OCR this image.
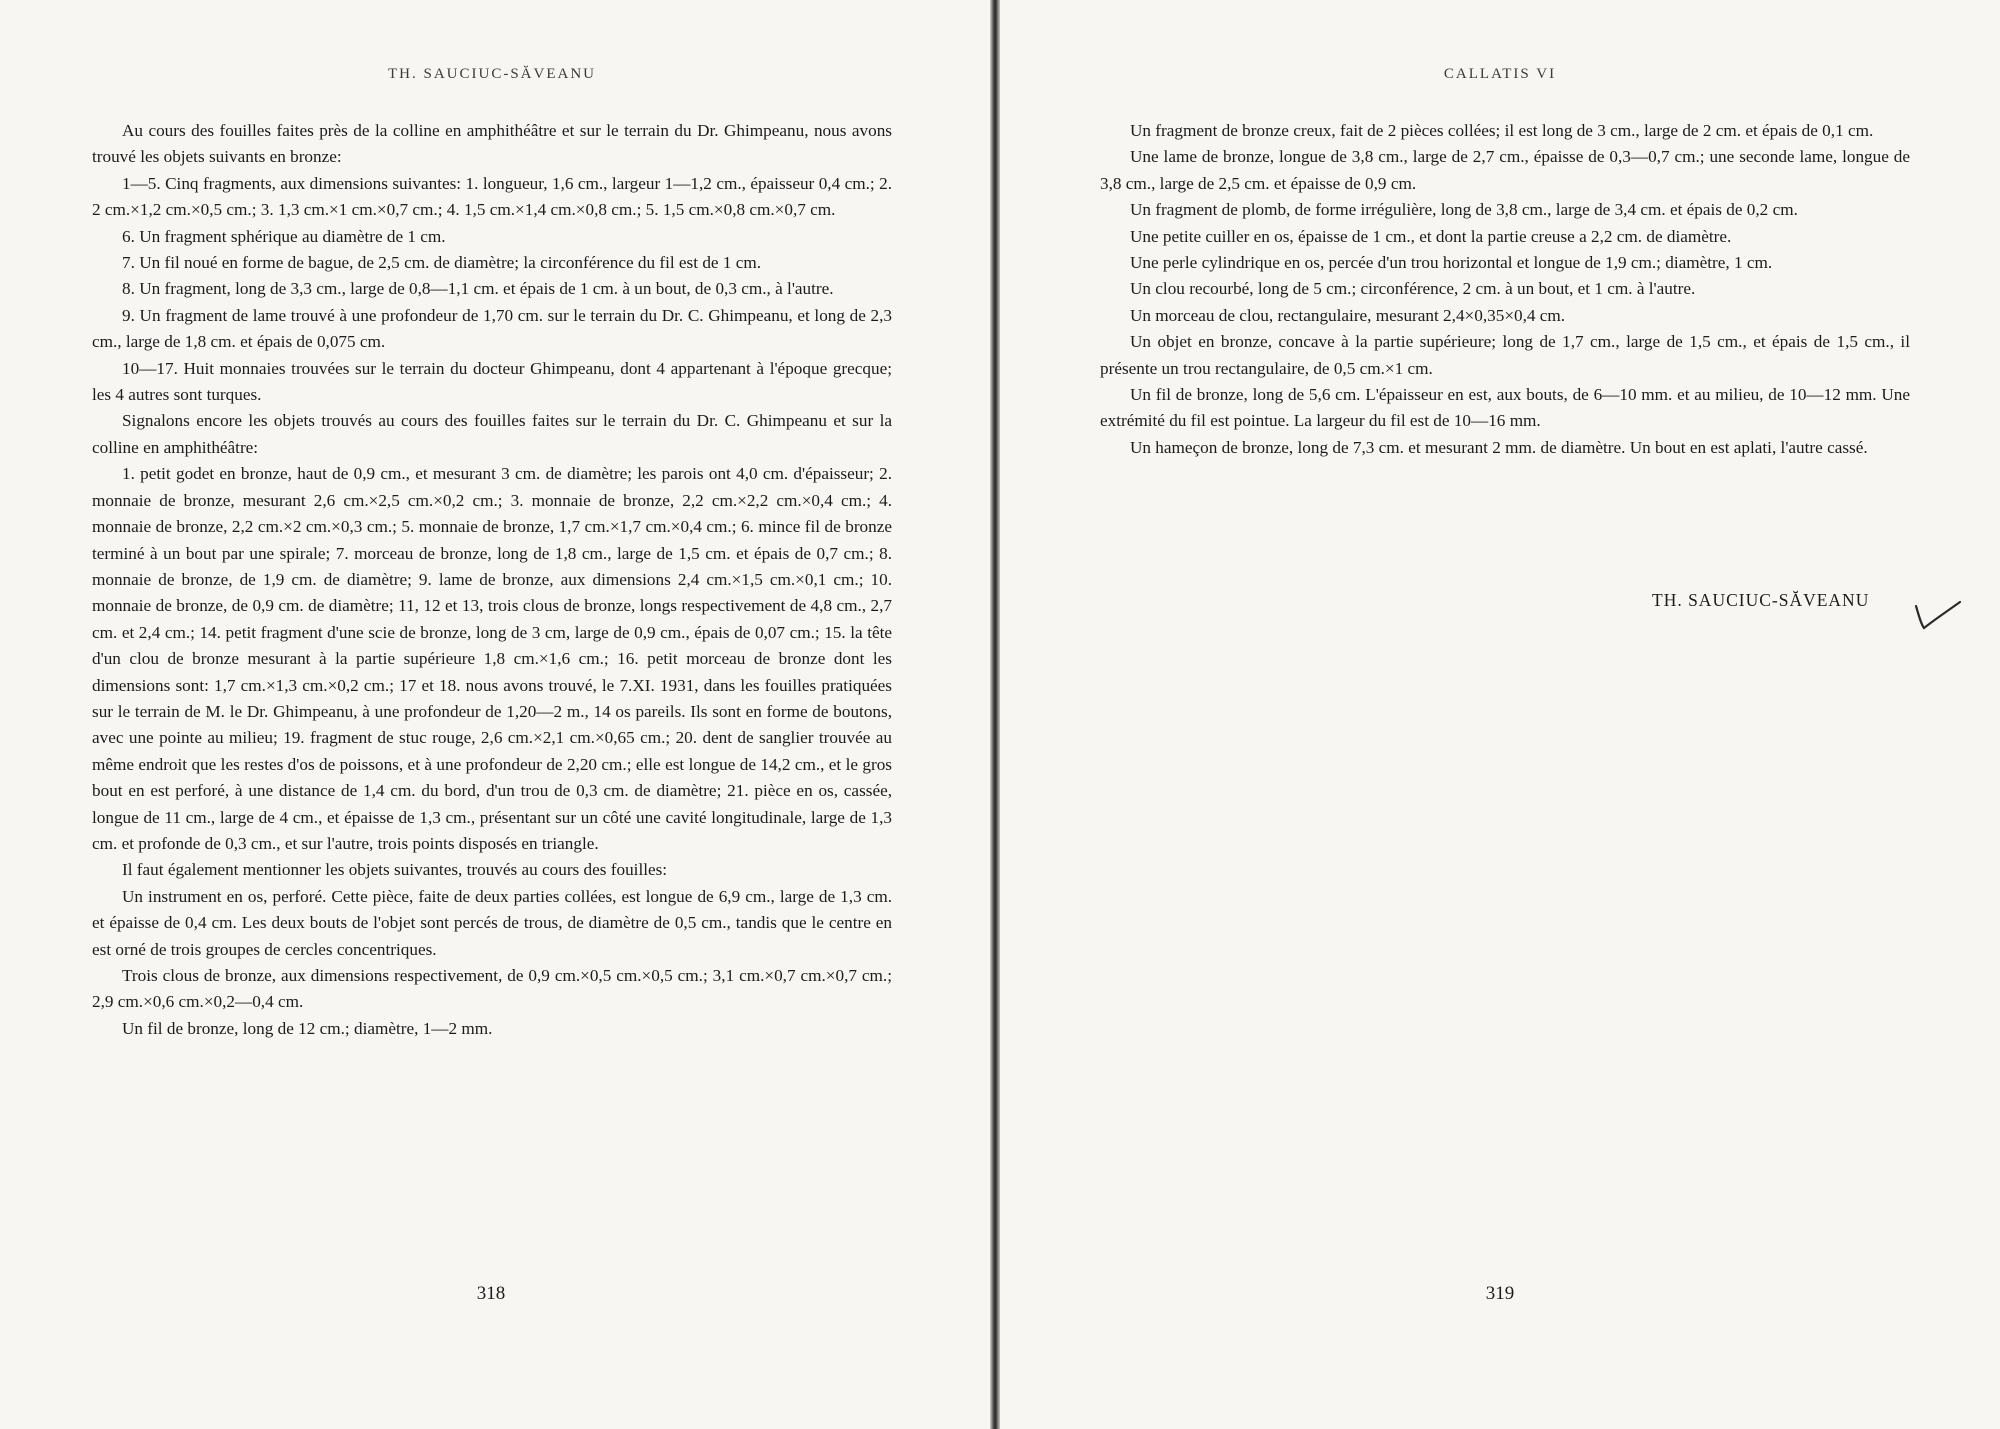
TH. SAUCIUC-SĂVEANU

Au cours des fouilles faites près de la colline en amphithéâtre et sur le terrain du Dr. Ghimpeanu, nous avons trouvé les objets suivants en bronze:

1—5. Cinq fragments, aux dimensions suivantes: 1. longueur, 1,6 cm., largeur 1—1,2 cm., épaisseur 0,4 cm.; 2. 2 cm.×1,2 cm.×0,5 cm.; 3. 1,3 cm.×1 cm.×0,7 cm.; 4. 1,5 cm.×1,4 cm.×0,8 cm.; 5. 1,5 cm.×0,8 cm.×0,7 cm.

6. Un fragment sphérique au diamètre de 1 cm.

7. Un fil noué en forme de bague, de 2,5 cm. de diamètre; la circonférence du fil est de 1 cm.

8. Un fragment, long de 3,3 cm., large de 0,8—1,1 cm. et épais de 1 cm. à un bout, de 0,3 cm., à l'autre.

9. Un fragment de lame trouvé à une profondeur de 1,70 cm. sur le terrain du Dr. C. Ghimpeanu, et long de 2,3 cm., large de 1,8 cm. et épais de 0,075 cm.

10—17. Huit monnaies trouvées sur le terrain du docteur Ghimpeanu, dont 4 appartenant à l'époque grecque; les 4 autres sont turques.

Signalons encore les objets trouvés au cours des fouilles faites sur le terrain du Dr. C. Ghimpeanu et sur la colline en amphithéâtre:

1. petit godet en bronze, haut de 0,9 cm., et mesurant 3 cm. de diamètre; les parois ont 4,0 cm. d'épaisseur; 2. monnaie de bronze, mesurant 2,6 cm.×2,5 cm.×0,2 cm.; 3. monnaie de bronze, 2,2 cm.×2,2 cm.×0,4 cm.; 4. monnaie de bronze, 2,2 cm.×2 cm.×0,3 cm.; 5. monnaie de bronze, 1,7 cm.×1,7 cm.×0,4 cm.; 6. mince fil de bronze terminé à un bout par une spirale; 7. morceau de bronze, long de 1,8 cm., large de 1,5 cm. et épais de 0,7 cm.; 8. monnaie de bronze, de 1,9 cm. de diamètre; 9. lame de bronze, aux dimensions 2,4 cm.×1,5 cm.×0,1 cm.; 10. monnaie de bronze, de 0,9 cm. de diamètre; 11, 12 et 13, trois clous de bronze, longs respectivement de 4,8 cm., 2,7 cm. et 2,4 cm.; 14. petit fragment d'une scie de bronze, long de 3 cm, large de 0,9 cm., épais de 0,07 cm.; 15. la tête d'un clou de bronze mesurant à la partie supérieure 1,8 cm.×1,6 cm.; 16. petit morceau de bronze dont les dimensions sont: 1,7 cm.×1,3 cm.×0,2 cm.; 17 et 18. nous avons trouvé, le 7.XI. 1931, dans les fouilles pratiquées sur le terrain de M. le Dr. Ghimpeanu, à une profondeur de 1,20—2 m., 14 os pareils. Ils sont en forme de boutons, avec une pointe au milieu; 19. fragment de stuc rouge, 2,6 cm.×2,1 cm.×0,65 cm.; 20. dent de sanglier trouvée au même endroit que les restes d'os de poissons, et à une profondeur de 2,20 cm.; elle est longue de 14,2 cm., et le gros bout en est perforé, à une distance de 1,4 cm. du bord, d'un trou de 0,3 cm. de diamètre; 21. pièce en os, cassée, longue de 11 cm., large de 4 cm., et épaisse de 1,3 cm., présentant sur un côté une cavité longitudinale, large de 1,3 cm. et profonde de 0,3 cm., et sur l'autre, trois points disposés en triangle.

Il faut également mentionner les objets suivantes, trouvés au cours des fouilles:

Un instrument en os, perforé. Cette pièce, faite de deux parties collées, est longue de 6,9 cm., large de 1,3 cm. et épaisse de 0,4 cm. Les deux bouts de l'objet sont percés de trous, de diamètre de 0,5 cm., tandis que le centre en est orné de trois groupes de cercles concentriques.

Trois clous de bronze, aux dimensions respectivement, de 0,9 cm.×0,5 cm.×0,5 cm.; 3,1 cm.×0,7 cm.×0,7 cm.; 2,9 cm.×0,6 cm.×0,2—0,4 cm.

Un fil de bronze, long de 12 cm.; diamètre, 1—2 mm.

318
CALLATIS VI

Un fragment de bronze creux, fait de 2 pièces collées; il est long de 3 cm., large de 2 cm. et épais de 0,1 cm.

Une lame de bronze, longue de 3,8 cm., large de 2,7 cm., épaisse de 0,3—0,7 cm.; une seconde lame, longue de 3,8 cm., large de 2,5 cm. et épaisse de 0,9 cm.

Un fragment de plomb, de forme irrégulière, long de 3,8 cm., large de 3,4 cm. et épais de 0,2 cm.

Une petite cuiller en os, épaisse de 1 cm., et dont la partie creuse a 2,2 cm. de diamètre.

Une perle cylindrique en os, percée d'un trou horizontal et longue de 1,9 cm.; diamètre, 1 cm.

Un clou recourbé, long de 5 cm.; circonférence, 2 cm. à un bout, et 1 cm. à l'autre.

Un morceau de clou, rectangulaire, mesurant 2,4×0,35×0,4 cm.

Un objet en bronze, concave à la partie supérieure; long de 1,7 cm., large de 1,5 cm., et épais de 1,5 cm., il présente un trou rectangulaire, de 0,5 cm.×1 cm.

Un fil de bronze, long de 5,6 cm. L'épaisseur en est, aux bouts, de 6—10 mm. et au milieu, de 10—12 mm. Une extrémité du fil est pointue. La largeur du fil est de 10—16 mm.

Un hameçon de bronze, long de 7,3 cm. et mesurant 2 mm. de diamètre. Un bout en est aplati, l'autre cassé.

TH. SAUCIUC-SĂVEANU
319
